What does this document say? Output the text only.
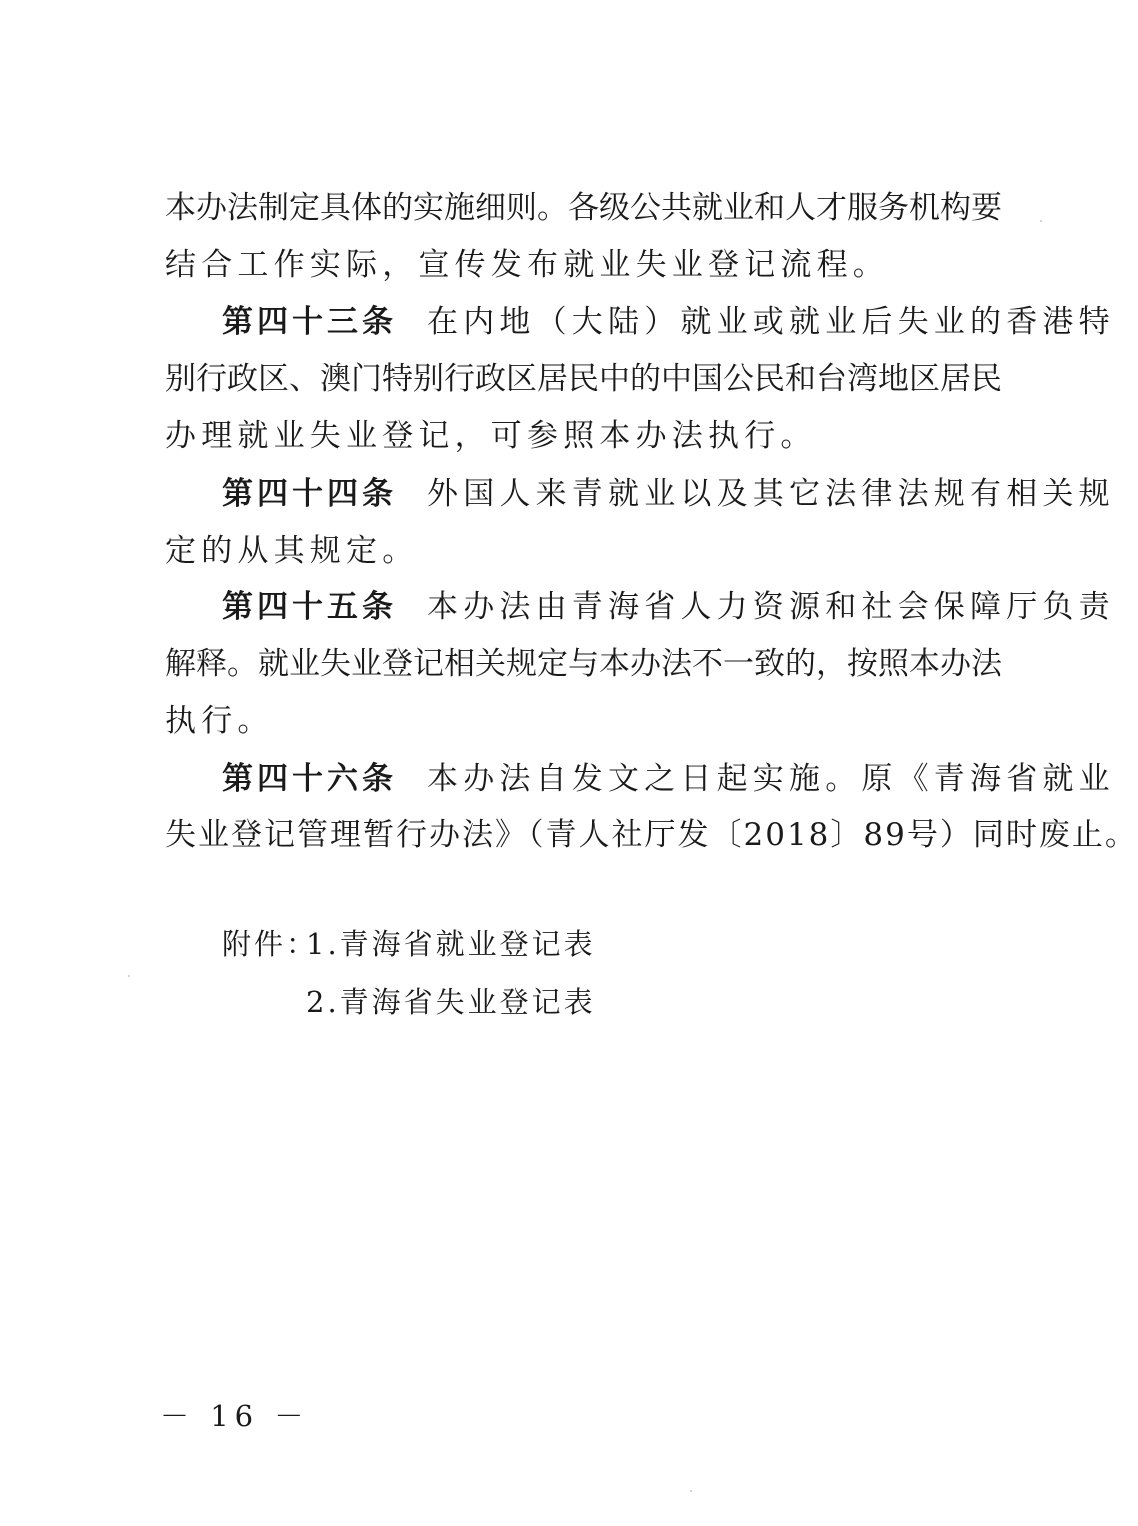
本办法制定具体的实施细则。各级公共就业和人才服务机构要
结合工作实际，宣传发布就业失业登记流程。
第四十三条 在内地（大陆）就业或就业后失业的香港特
别行政区、澳门特别行政区居民中的中国公民和台湾地区居民
办理就业失业登记，可参照本办法执行。
第四十四条 外国人来青就业以及其它法律法规有相关规
定的从其规定。
第四十五条 本办法由青海省人力资源和社会保障厅负责
解释。就业失业登记相关规定与本办法不一致的，按照本办法
执行。
第四十六条 本办法自发文之日起实施。原《青海省就业
失业登记管理暂行办法》（青人社厅发〔2018〕89号）同时废止。
附件：
1.青海省就业登记表
2.青海省失业登记表
－ 16 －
